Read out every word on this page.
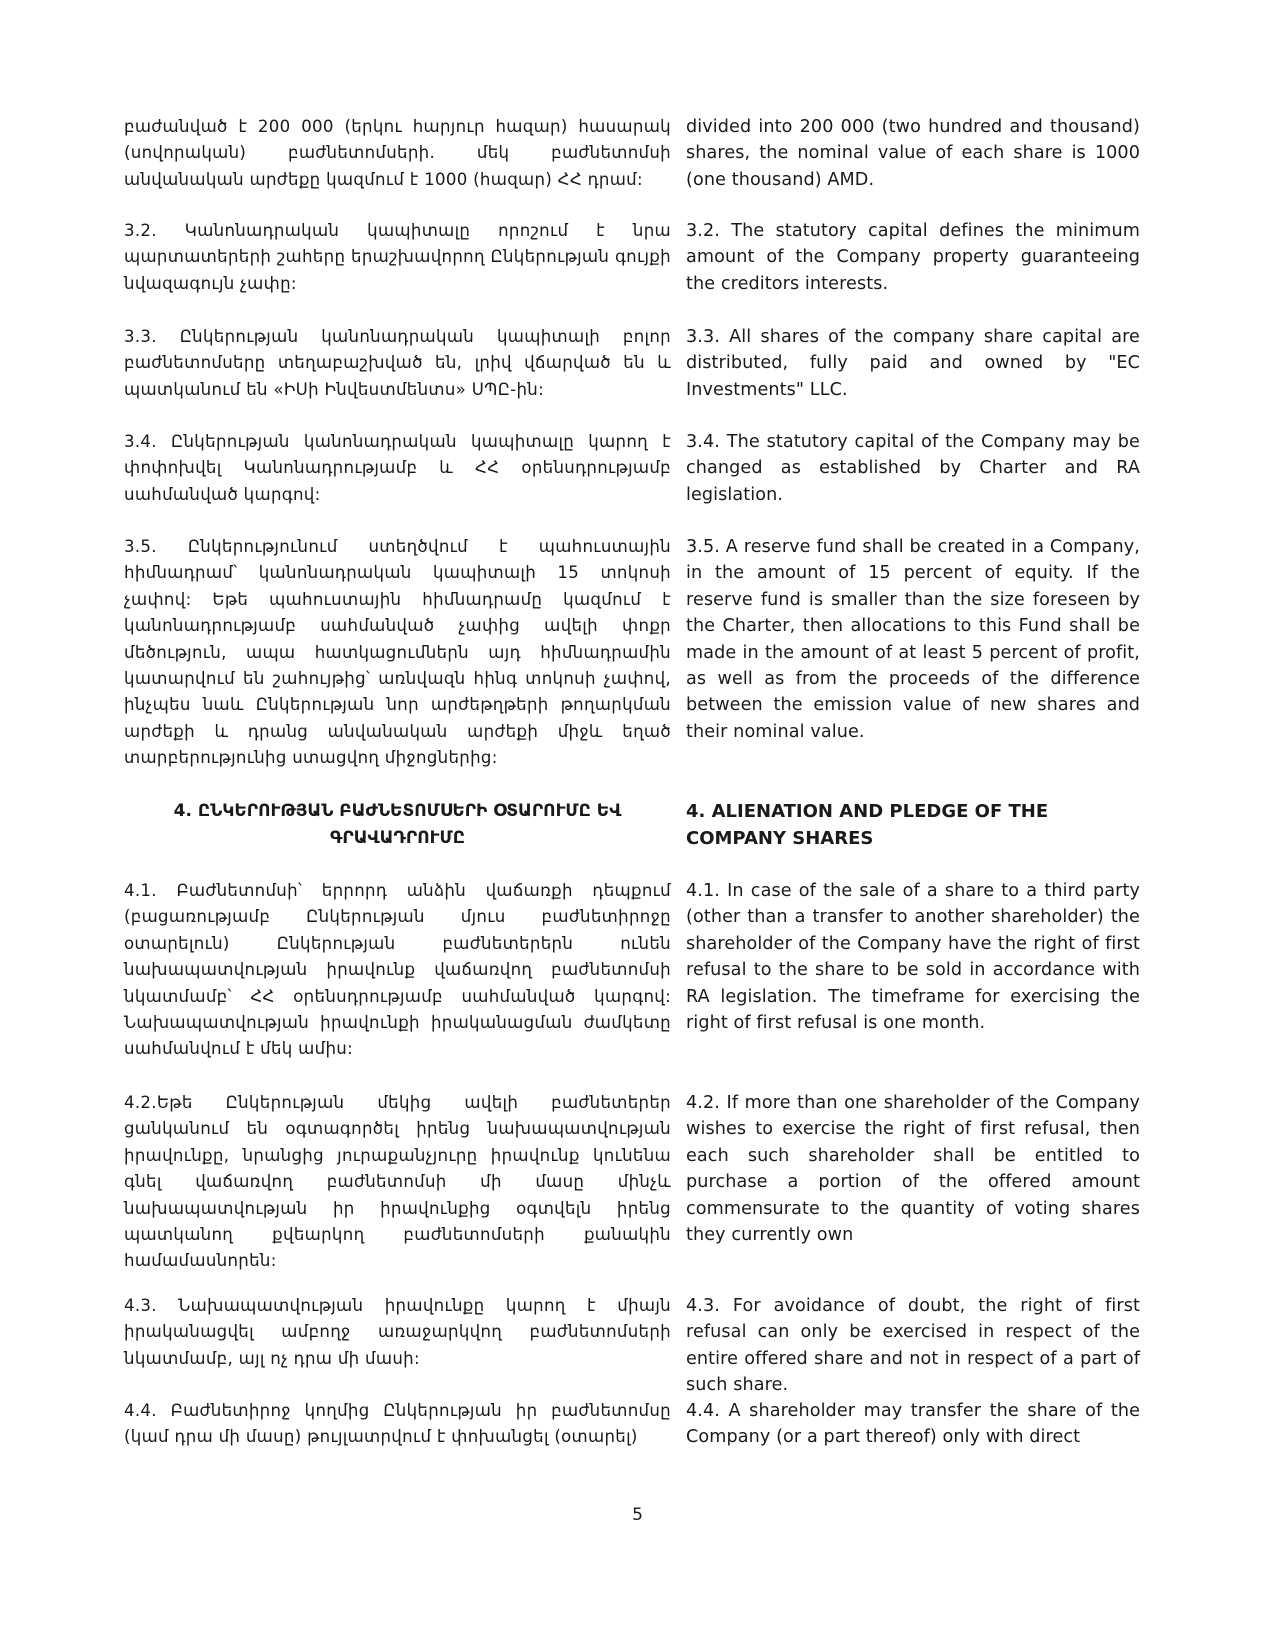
բաժանված է 200 000 (երկու հարյուր հազար) հասարակ (սովորական) բաժնետոմսերի. մեկ բաժնետոմսի անվանական արժեքը կազմում է 1000 (հազար) ՀՀ դրամ:

divided into 200 000 (two hundred and thousand) shares, the nominal value of each share is 1000 (one thousand) AMD.

3.2. Կանոնադրական կապիտալը որոշում է նրա պարտատերերի շահերը երաշխավորող Ընկերության գույքի նվազագույն չափը:

3.2. The statutory capital defines the minimum amount of the Company property guaranteeing the creditors interests.

3.3. Ընկերության կանոնադրական կապիտալի բոլոր բաժնետոմսերը տեղաբաշխված են, լրիվ վճարված են և պատկանում են «ԻՍի Ինվեստմենտս» ՍՊԸ-ին:

3.3. All shares of the company share capital are distributed, fully paid and owned by "EC Investments" LLC.

3.4. Ընկերության կանոնադրական կապիտալը կարող է փոփոխվել Կանոնադրությամբ և ՀՀ օրենսդրությամբ սահմանված կարգով:

3.4. The statutory capital of the Company may be changed as established by Charter and RA legislation.

3.5. Ընկերությունում ստեղծվում է պահուստային հիմնադրամ՝ կանոնադրական կապիտալի 15 տոկոսի չափով: Եթե պահուստային հիմնադրամը կազմում է կանոնադրությամբ սահմանված չափից ավելի փոքր մեծություն, ապա հատկացումներն այդ հիմնադրամին կատարվում են շահույթից՝ առնվազն հինգ տոկոսի չափով, ինչպես նաև Ընկերության նոր արժեթղթերի թողարկման արժեքի և դրանց անվանական արժեքի միջև եղած տարբերությունից ստացվող միջոցներից:

3.5. A reserve fund shall be created in a Company, in the amount of 15 percent of equity. If the reserve fund is smaller than the size foreseen by the Charter, then allocations to this Fund shall be made in the amount of at least 5 percent of profit, as well as from the proceeds of the difference between the emission value of new shares and their nominal value.

4. ԸՆԿԵՐՈՒԹՅԱՆ ԲԱԺՆԵՏՈՄՍԵՐԻ ՕՏԱՐՈՒՄԸ ԵՎ ԳՐԱՎԱԴՐՈՒՄԸ

4. ALIENATION AND PLEDGE OF THE COMPANY SHARES

4.1. Բաժնետոմսի՝ երրորդ անձին վաճառքի դեպքում (բացառությամբ Ընկերության մյուս բաժնետիրոջը օտարելուն) Ընկերության բաժնետերերն ունեն նախապատվության իրավունք վաճառվող բաժնետոմսի նկատմամբ՝ ՀՀ օրենսդրությամբ սահմանված կարգով: Նախապատվության իրավունքի իրականացման ժամկետը սահմանվում է մեկ ամիս:

4.1. In case of the sale of a share to a third party (other than a transfer to another shareholder) the shareholder of the Company have the right of first refusal to the share to be sold in accordance with RA legislation. The timeframe for exercising the right of first refusal is one month.

4.2.Եթե Ընկերության մեկից ավելի բաժնետերեր ցանկանում են օգտագործել իրենց նախապատվության իրավունքը, նրանցից յուրաքանչյուրը իրավունք կունենա գնել վաճառվող բաժնետոմսի մի մասը մինչև նախապատվության իր իրավունքից օգտվելն իրենց պատկանող քվեարկող բաժնետոմսերի քանակին համամասնորեն:

4.2. If more than one shareholder of the Company wishes to exercise the right of first refusal, then each such shareholder shall be entitled to purchase a portion of the offered amount commensurate to the quantity of voting shares they currently own

4.3. Նախապատվության իրավունքը կարող է միայն իրականացվել ամբողջ առաջարկվող բաժնետոմսերի նկատմամբ, այլ ոչ դրա մի մասի:

4.3. For avoidance of doubt, the right of first refusal can only be exercised in respect of the entire offered share and not in respect of a part of such share.

4.4. Բաժնետիրոջ կողմից Ընկերության իր բաժնետոմսը (կամ դրա մի մասը) թույլատրվում է փոխանցել (օտարել)

4.4. A shareholder may transfer the share of the Company (or a part thereof) only with direct

5
